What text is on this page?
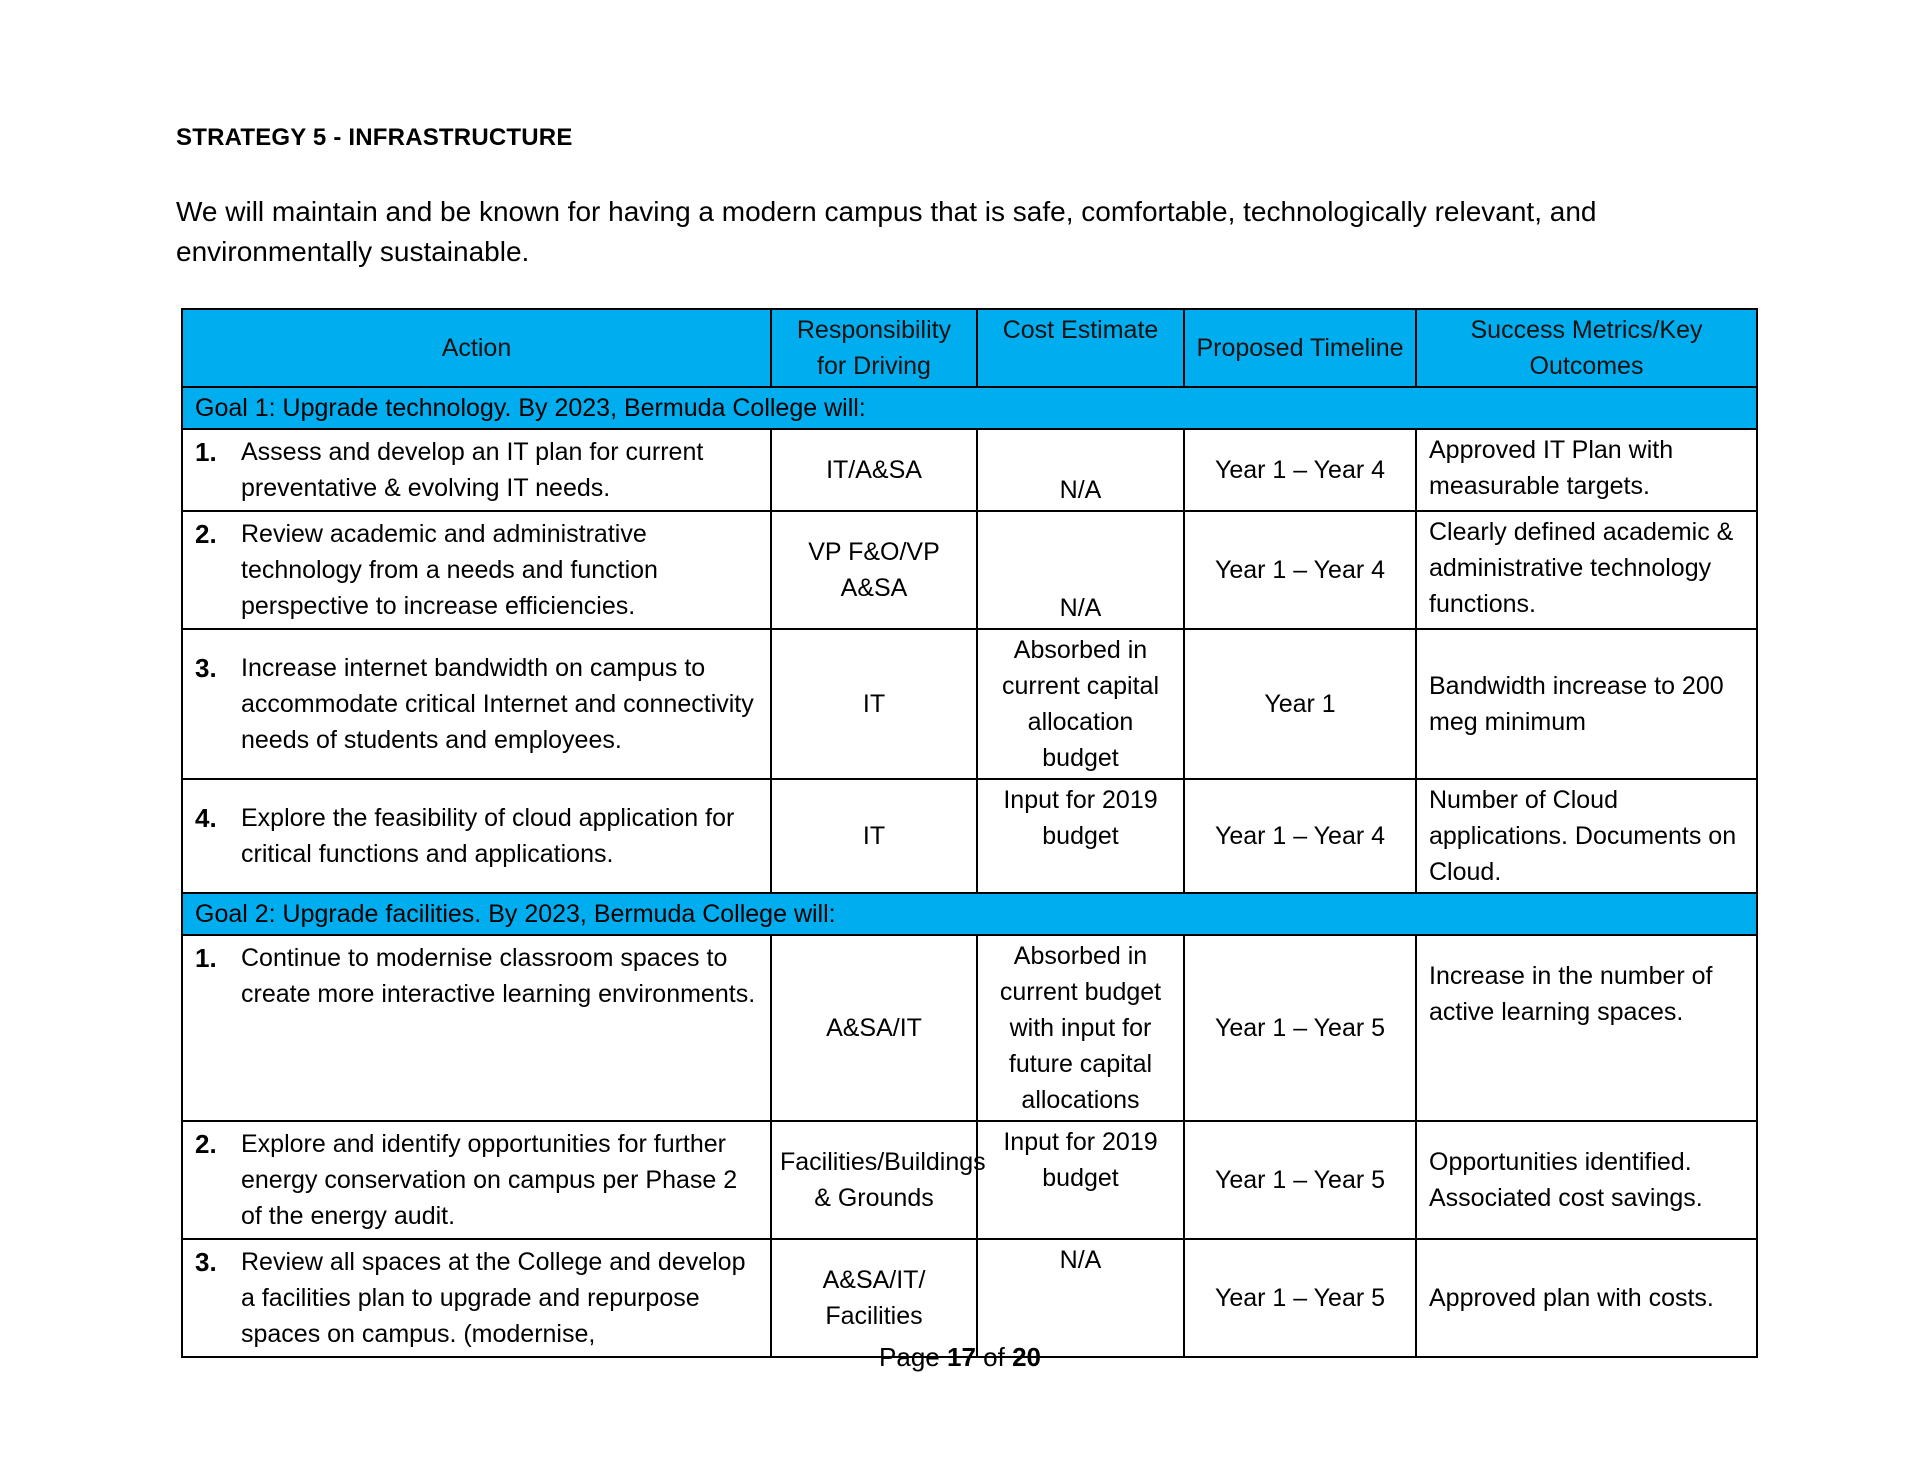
STRATEGY 5 - INFRASTRUCTURE
We will maintain and be known for having a modern campus that is safe, comfortable, technologically relevant, and environmentally sustainable.
Action	Responsibility for Driving	Cost Estimate	Proposed Timeline	Success Metrics/Key Outcomes
Goal 1: Upgrade technology. By 2023, Bermuda College will:				

1. Assess and develop an IT plan for current preventative & evolving IT needs.	IT/A&SA	N/A	Year 1 – Year 4	Approved IT Plan with measurable targets.

2. Review academic and administrative technology from a needs and function perspective to increase efficiencies.	VP F&O/VP A&SA	N/A	Year 1 – Year 4	Clearly defined academic & administrative technology functions.

3. Increase internet bandwidth on campus to accommodate critical Internet and connectivity needs of students and employees.	IT	Absorbed in current capital allocation budget	Year 1	Bandwidth increase to 200 meg minimum

4. Explore the feasibility of cloud application for critical functions and applications.	IT	Input for 2019 budget	Year 1 – Year 4	Number of Cloud applications. Documents on Cloud.
Goal 2: Upgrade facilities. By 2023, Bermuda College will:				

1. Continue to modernise classroom spaces to create more interactive learning environments.	A&SA/IT	Absorbed in current budget with input for future capital allocations	Year 1 – Year 5	Increase in the number of active learning spaces.

2. Explore and identify opportunities for further energy conservation on campus per Phase 2 of the energy audit.	Facilities/Buildings & Grounds	Input for 2019 budget	Year 1 – Year 5	Opportunities identified. Associated cost savings.

3. Review all spaces at the College and develop a facilities plan to upgrade and repurpose spaces on campus. (modernise,	A&SA/IT/ Facilities	N/A	Year 1 – Year 5	Approved plan with costs.
Page 17 of 20
